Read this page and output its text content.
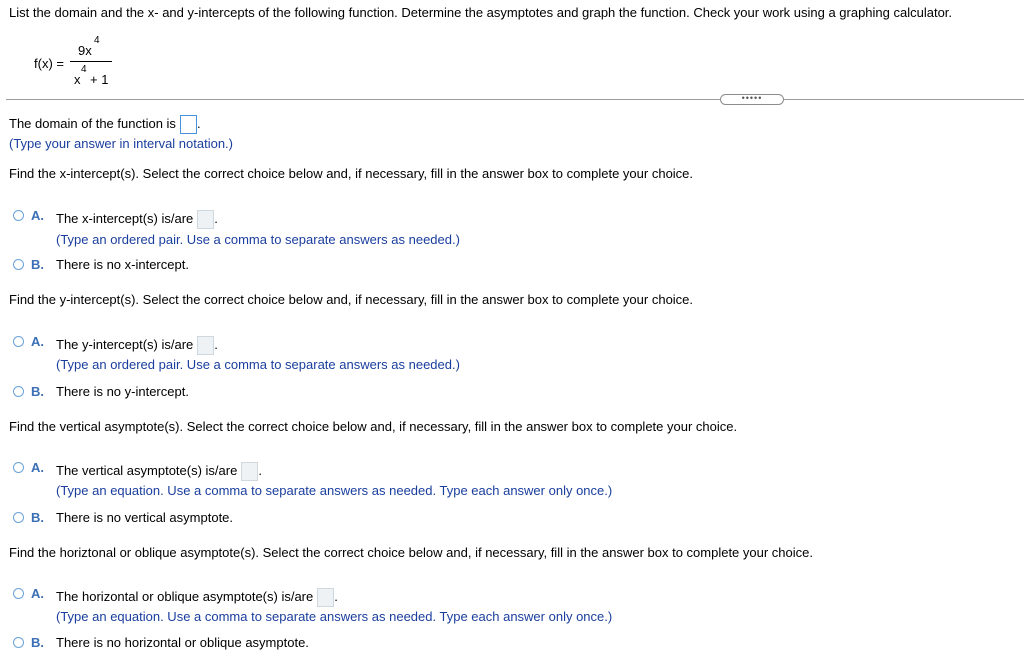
List the domain and the x- and y-intercepts of the following function. Determine the asymptotes and graph the function. Check your work using a graphing calculator.
f(x) =
9x
4
x
4
+ 1
•••••
The domain of the function is .
(Type your answer in interval notation.)
Find the x-intercept(s). Select the correct choice below and, if necessary, fill in the answer box to complete your choice.
A. The x-intercept(s) is/are .
(Type an ordered pair. Use a comma to separate answers as needed.)
B. There is no x-intercept.
Find the y-intercept(s). Select the correct choice below and, if necessary, fill in the answer box to complete your choice.
A. The y-intercept(s) is/are .
(Type an ordered pair. Use a comma to separate answers as needed.)
B. There is no y-intercept.
Find the vertical asymptote(s). Select the correct choice below and, if necessary, fill in the answer box to complete your choice.
A. The vertical asymptote(s) is/are .
(Type an equation. Use a comma to separate answers as needed. Type each answer only once.)
B. There is no vertical asymptote.
Find the horiztonal or oblique asymptote(s). Select the correct choice below and, if necessary, fill in the answer box to complete your choice.
A. The horizontal or oblique asymptote(s) is/are .
(Type an equation. Use a comma to separate answers as needed. Type each answer only once.)
B. There is no horizontal or oblique asymptote.
